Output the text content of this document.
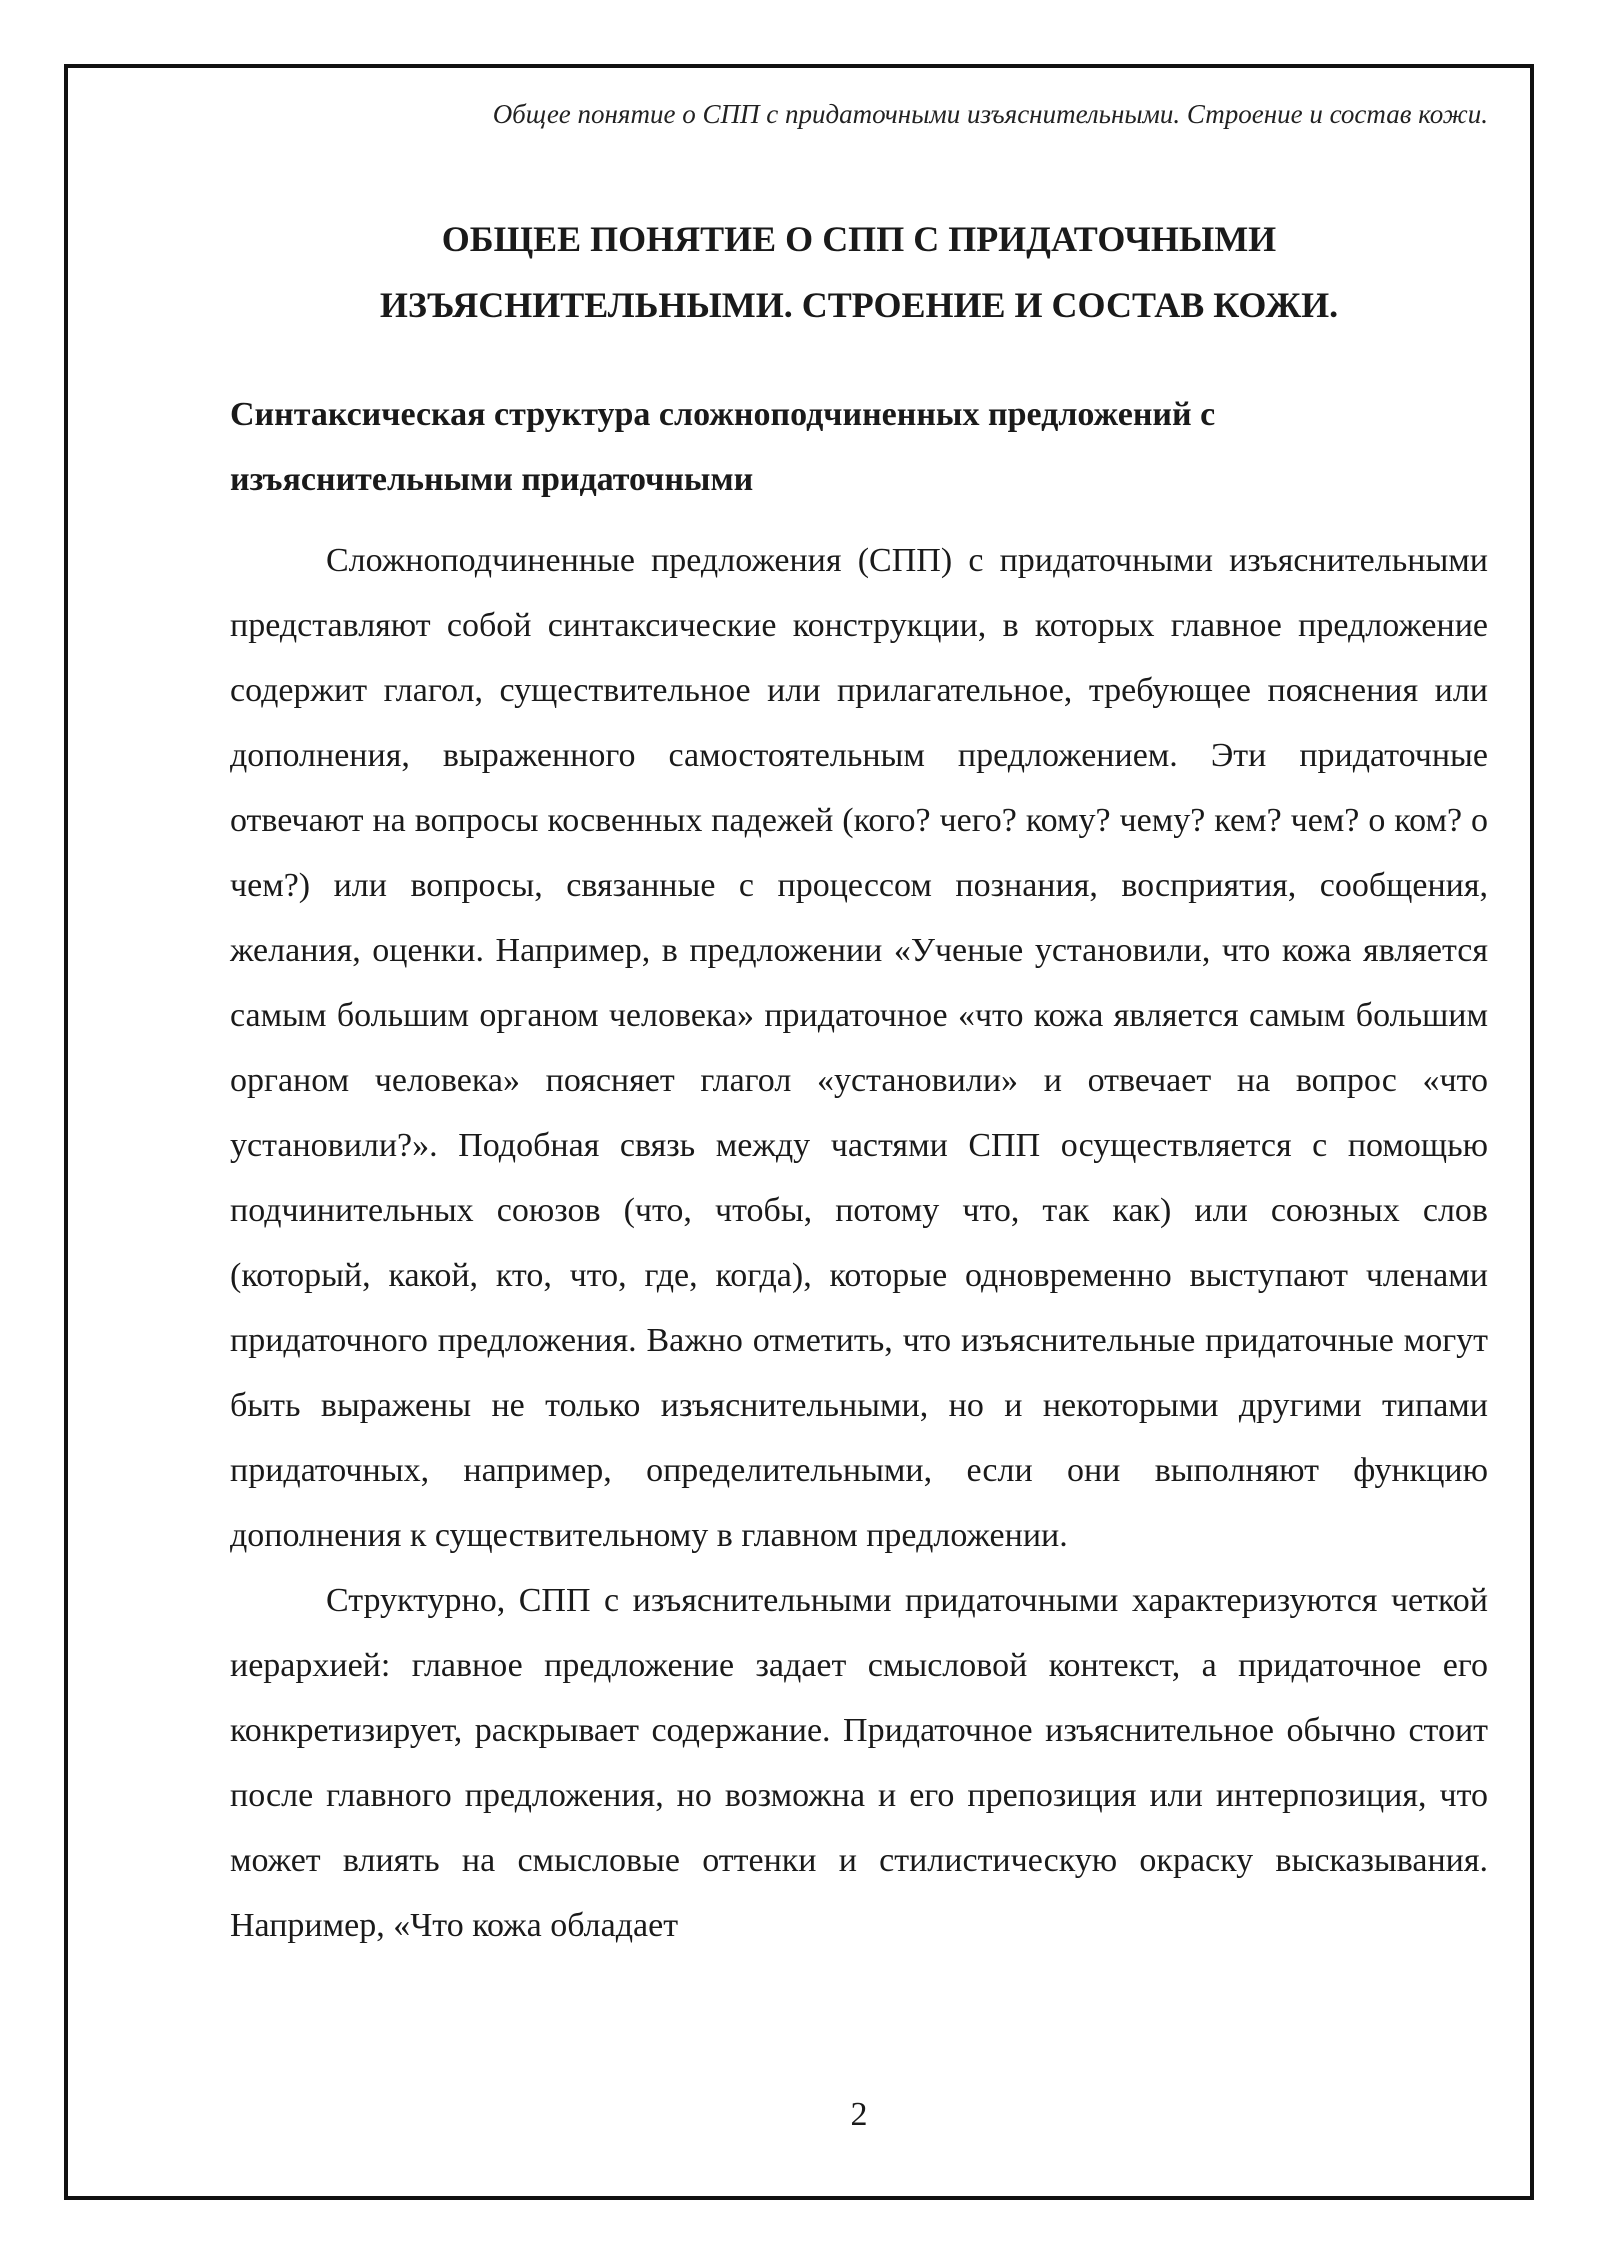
Общее понятие о СПП с придаточными изъяснительными. Строение и состав кожи.
ОБЩЕЕ ПОНЯТИЕ О СПП С ПРИДАТОЧНЫМИ
ИЗЪЯСНИТЕЛЬНЫМИ. СТРОЕНИЕ И СОСТАВ КОЖИ.
Синтаксическая структура сложноподчиненных предложений с изъяснительными придаточными

Сложноподчиненные предложения (СПП) с придаточными изъяснительными представляют собой синтаксические конструкции, в которых главное предложение содержит глагол, существительное или прилагательное, требующее пояснения или дополнения, выраженного самостоятельным предложением. Эти придаточные отвечают на вопросы косвенных падежей (кого? чего? кому? чему? кем? чем? о ком? о чем?) или вопросы, связанные с процессом познания, восприятия, сообщения, желания, оценки. Например, в предложении «Ученые установили, что кожа является самым большим органом человека» придаточное «что кожа является самым большим органом человека» поясняет глагол «установили» и отвечает на вопрос «что установили?». Подобная связь между частями СПП осуществляется с помощью подчинительных союзов (что, чтобы, потому что, так как) или союзных слов (который, какой, кто, что, где, когда), которые одновременно выступают членами придаточного предложения. Важно отметить, что изъяснительные придаточные могут быть выражены не только изъяснительными, но и некоторыми другими типами придаточных, например, определительными, если они выполняют функцию дополнения к существительному в главном предложении.

Структурно, СПП с изъяснительными придаточными характеризуются четкой иерархией: главное предложение задает смысловой контекст, а придаточное его конкретизирует, раскрывает содержание. Придаточное изъяснительное обычно стоит после главного предложения, но возможна и его препозиция или интерпозиция, что может влиять на смысловые оттенки и стилистическую окраску высказывания. Например, «Что кожа обладает

2
